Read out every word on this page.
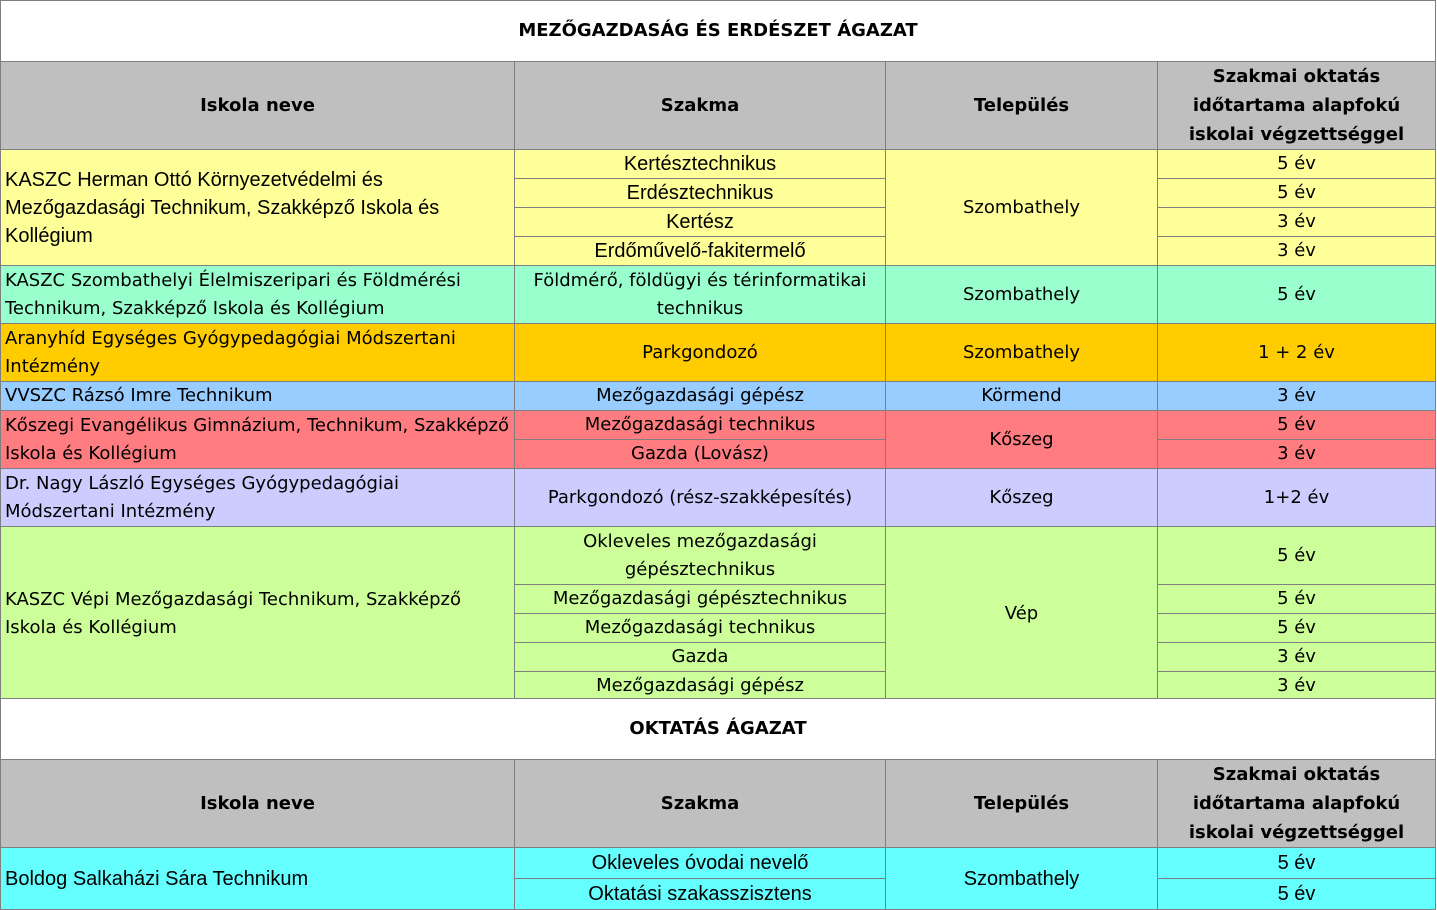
MEZŐGAZDASÁG ÉS ERDÉSZET ÁGAZAT			
Iskola neve	Szakma	Település	Szakmai oktatás időtartama alapfokú iskolai végzettséggel
KASZC Herman Ottó Környezetvédelmi és Mezőgazdasági Technikum, Szakképző Iskola és Kollégium	Kertésztechnikus	Szombathely	5 év
	Erdésztechnikus		5 év
	Kertész		3 év
	Erdőművelő-fakitermelő		3 év
KASZC Szombathelyi Élelmiszeripari és Földmérési Technikum, Szakképző Iskola és Kollégium	Földmérő, földügyi és térinformatikai technikus	Szombathely	5 év
Aranyhíd Egységes Gyógypedagógiai Módszertani Intézmény	Parkgondozó	Szombathely	1 + 2 év
VVSZC Rázsó Imre Technikum	Mezőgazdasági gépész	Körmend	3 év
Kőszegi Evangélikus Gimnázium, Technikum, Szakképző Iskola és Kollégium	Mezőgazdasági technikus	Kőszeg	5 év
	Gazda (Lovász)		3 év
Dr. Nagy László Egységes Gyógypedagógiai Módszertani Intézmény	Parkgondozó (rész-szakképesítés)	Kőszeg	1+2 év
KASZC Vépi Mezőgazdasági Technikum, Szakképző Iskola és Kollégium	Okleveles mezőgazdasági gépésztechnikus	Vép	5 év
	Mezőgazdasági gépésztechnikus		5 év
	Mezőgazdasági technikus		5 év
	Gazda		3 év
	Mezőgazdasági gépész		3 év
OKTATÁS ÁGAZAT			
Iskola neve	Szakma	Település	Szakmai oktatás időtartama alapfokú iskolai végzettséggel
Boldog Salkaházi Sára Technikum	Okleveles óvodai nevelő	Szombathely	5 év
	Oktatási szakasszisztens		5 év
